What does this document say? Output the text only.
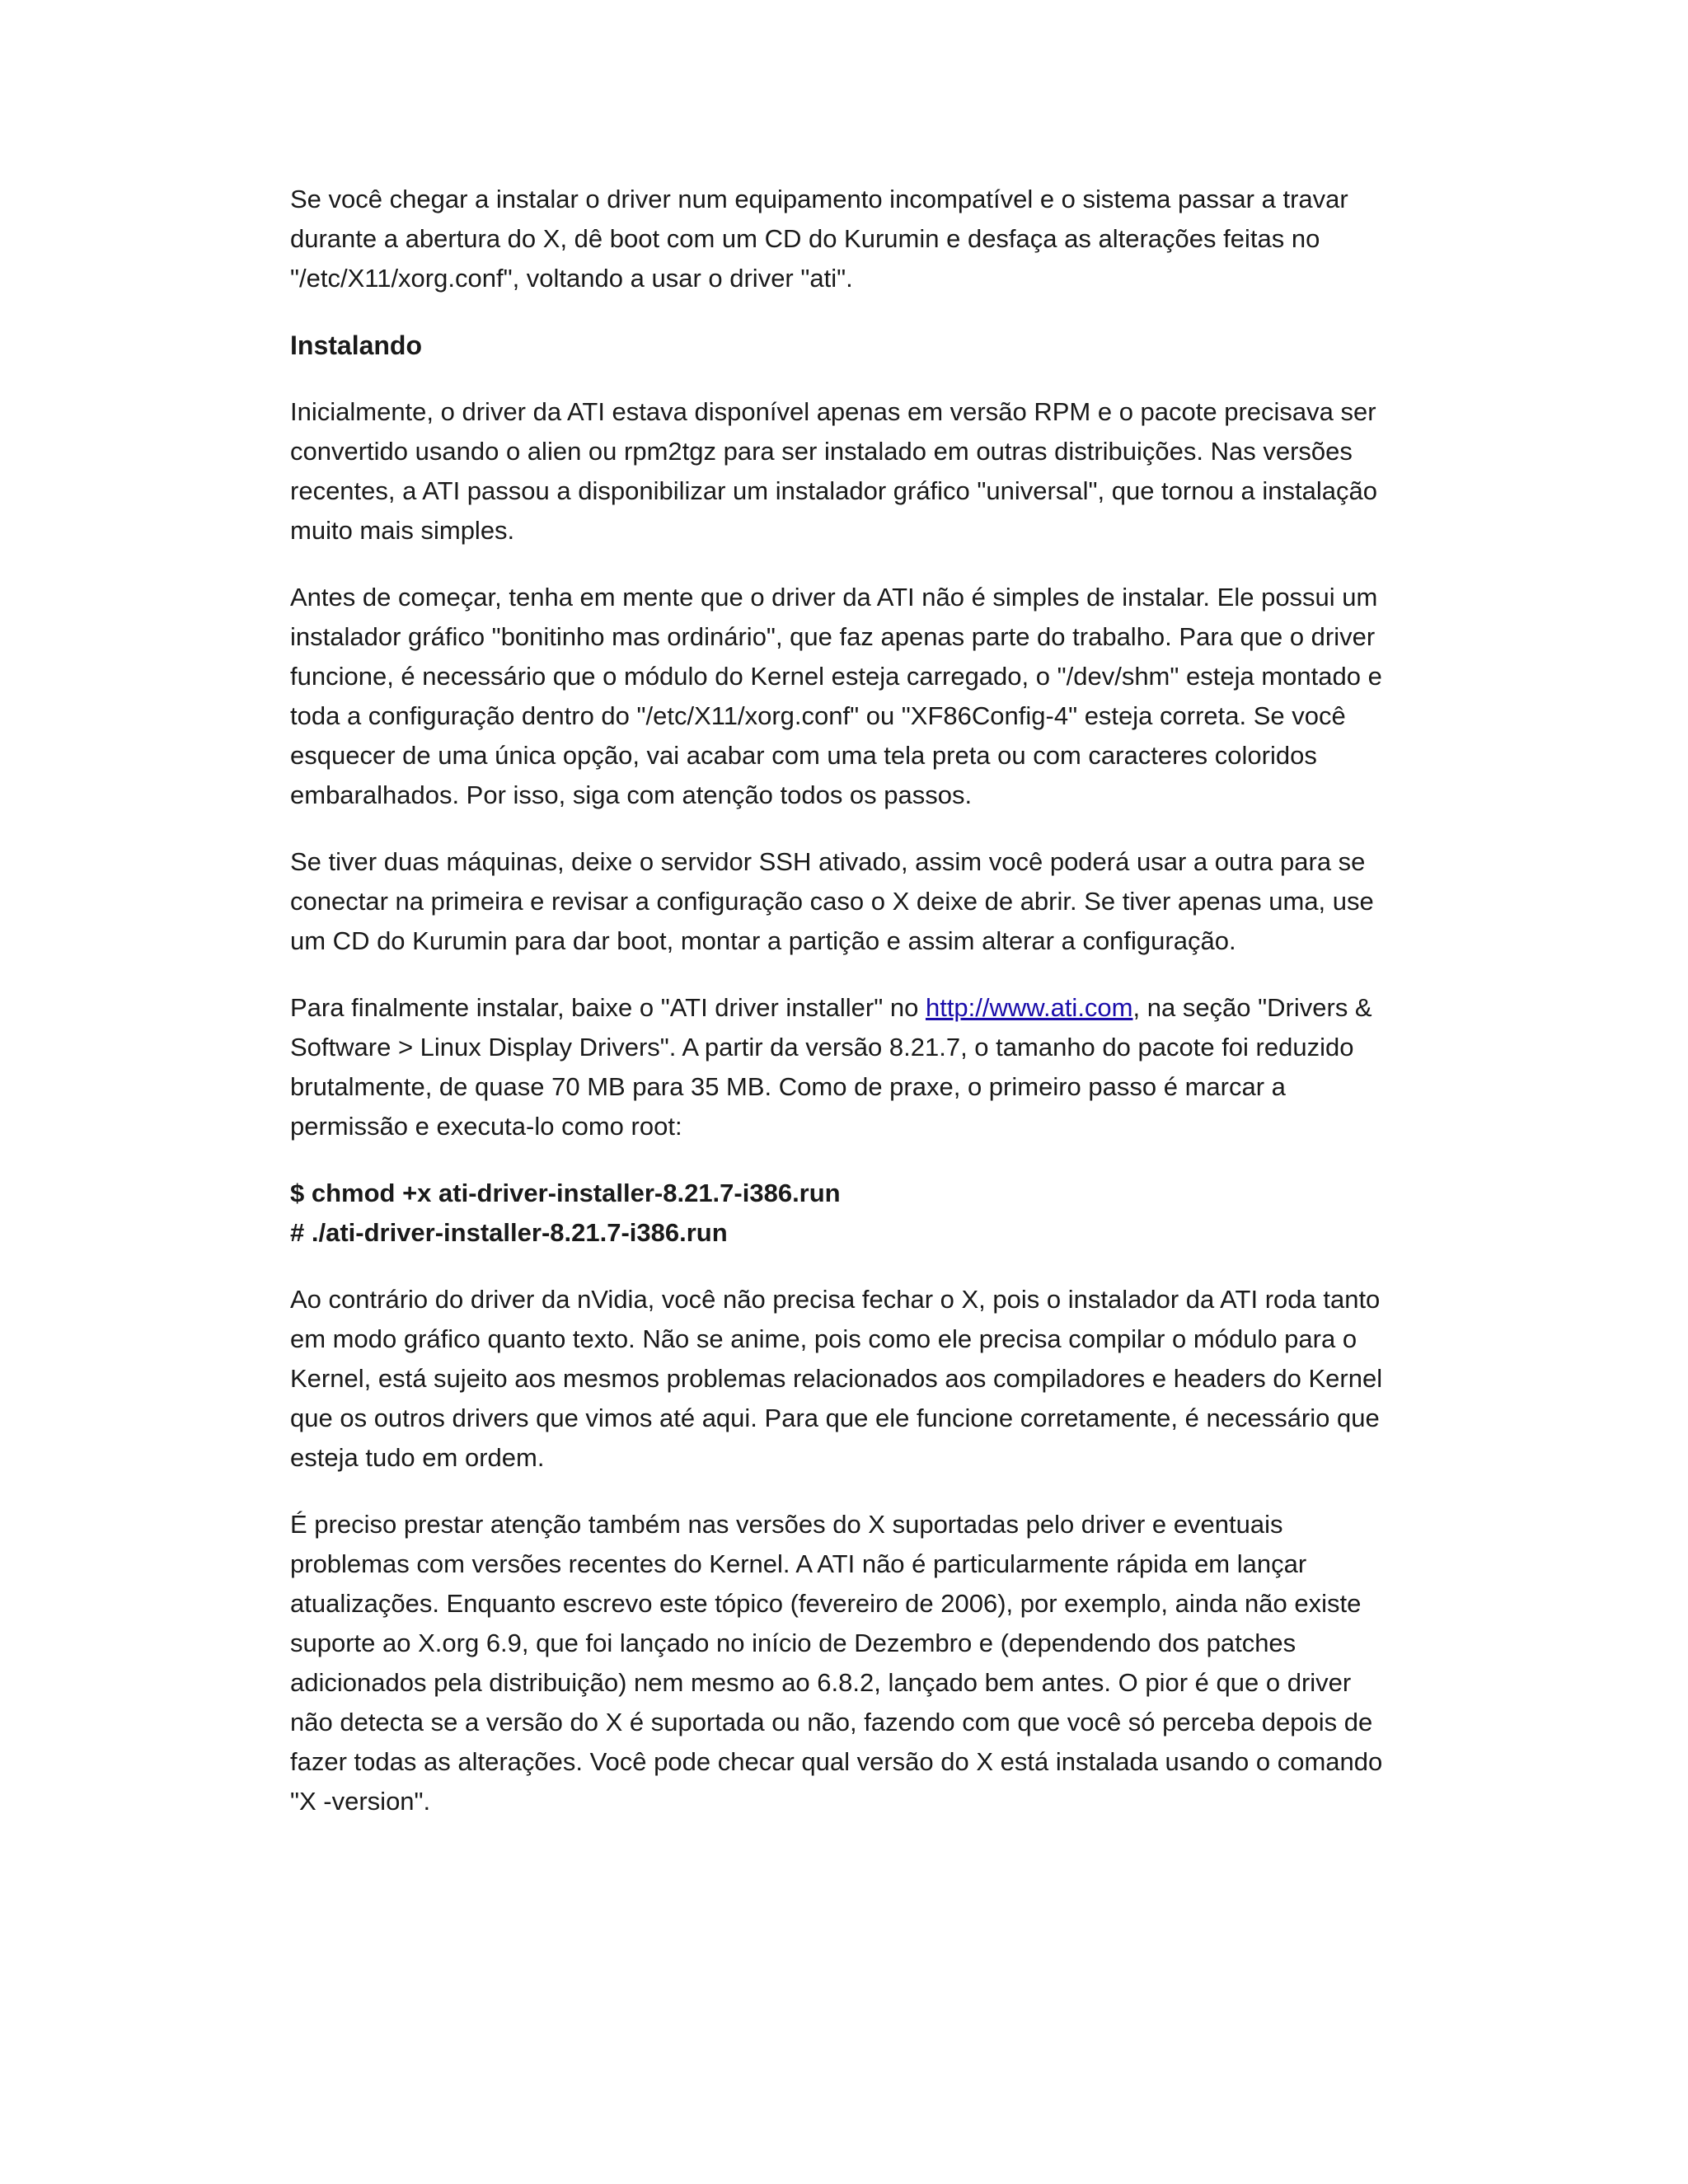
Se você chegar a instalar o driver num equipamento incompatível e o sistema passar a travar durante a abertura do X, dê boot com um CD do Kurumin e desfaça as alterações feitas no "/etc/X11/xorg.conf", voltando a usar o driver "ati".

Instalando

Inicialmente, o driver da ATI estava disponível apenas em versão RPM e o pacote precisava ser convertido usando o alien ou rpm2tgz para ser instalado em outras distribuições. Nas versões recentes, a ATI passou a disponibilizar um instalador gráfico "universal", que tornou a instalação muito mais simples.

Antes de começar, tenha em mente que o driver da ATI não é simples de instalar. Ele possui um instalador gráfico "bonitinho mas ordinário", que faz apenas parte do trabalho. Para que o driver funcione, é necessário que o módulo do Kernel esteja carregado, o "/dev/shm" esteja montado e toda a configuração dentro do "/etc/X11/xorg.conf" ou "XF86Config-4" esteja correta. Se você esquecer de uma única opção, vai acabar com uma tela preta ou com caracteres coloridos embaralhados. Por isso, siga com atenção todos os passos.

Se tiver duas máquinas, deixe o servidor SSH ativado, assim você poderá usar a outra para se conectar na primeira e revisar a configuração caso o X deixe de abrir. Se tiver apenas uma, use um CD do Kurumin para dar boot, montar a partição e assim alterar a configuração.

Para finalmente instalar, baixe o "ATI driver installer" no http://www.ati.com, na seção "Drivers & Software > Linux Display Drivers". A partir da versão 8.21.7, o tamanho do pacote foi reduzido brutalmente, de quase 70 MB para 35 MB. Como de praxe, o primeiro passo é marcar a permissão e executa-lo como root:

$ chmod +x ati-driver-installer-8.21.7-i386.run
# ./ati-driver-installer-8.21.7-i386.run

Ao contrário do driver da nVidia, você não precisa fechar o X, pois o instalador da ATI roda tanto em modo gráfico quanto texto. Não se anime, pois como ele precisa compilar o módulo para o Kernel, está sujeito aos mesmos problemas relacionados aos compiladores e headers do Kernel que os outros drivers que vimos até aqui. Para que ele funcione corretamente, é necessário que esteja tudo em ordem.

É preciso prestar atenção também nas versões do X suportadas pelo driver e eventuais problemas com versões recentes do Kernel. A ATI não é particularmente rápida em lançar atualizações. Enquanto escrevo este tópico (fevereiro de 2006), por exemplo, ainda não existe suporte ao X.org 6.9, que foi lançado no início de Dezembro e (dependendo dos patches adicionados pela distribuição) nem mesmo ao 6.8.2, lançado bem antes. O pior é que o driver não detecta se a versão do X é suportada ou não, fazendo com que você só perceba depois de fazer todas as alterações. Você pode checar qual versão do X está instalada usando o comando "X -version".
